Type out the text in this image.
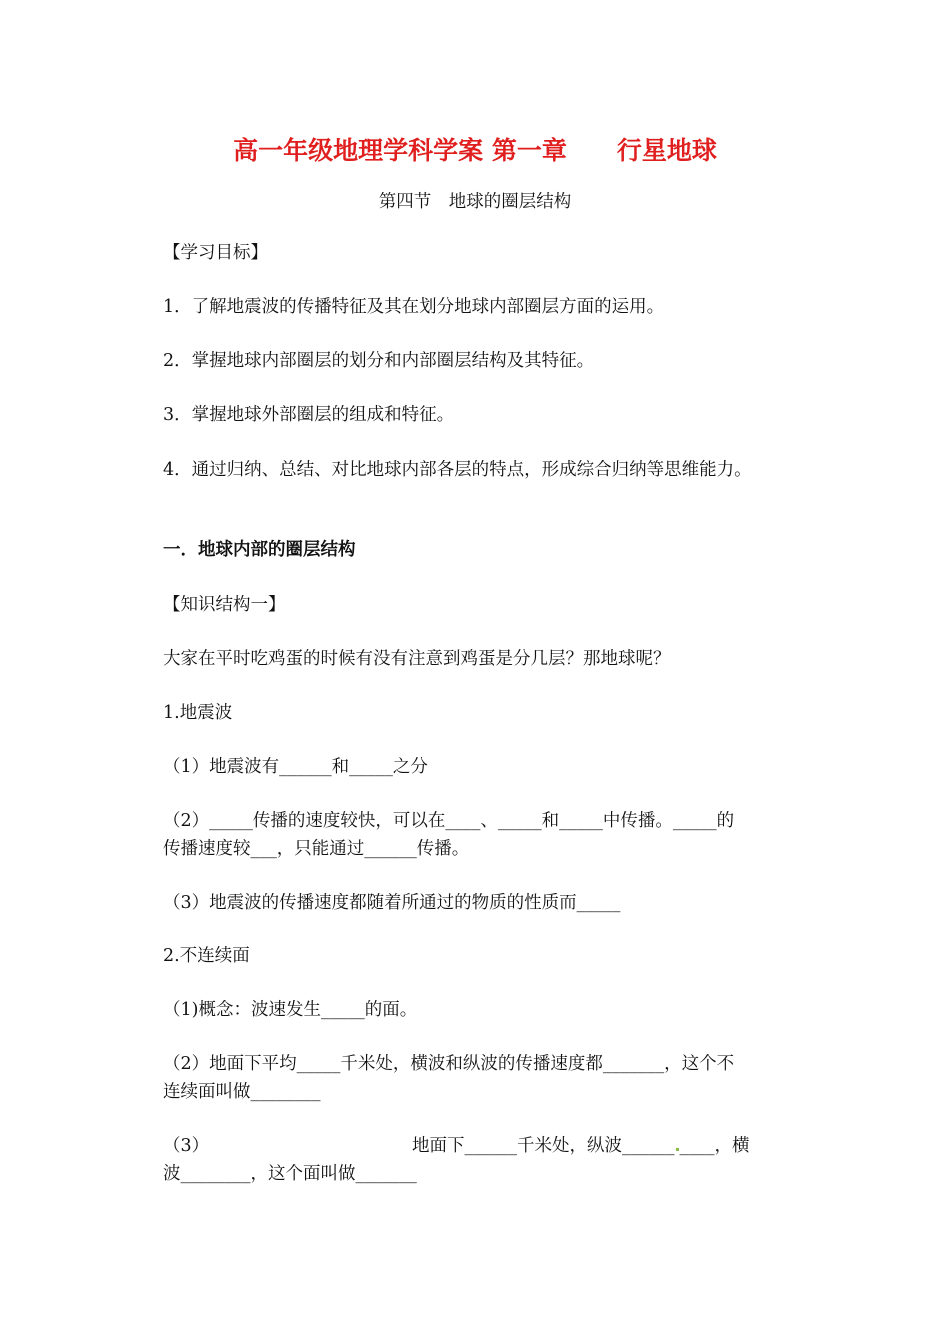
高一年级地理学科学案 第一章　　行星地球
第四节　地球的圈层结构
【学习目标】
1．了解地震波的传播特征及其在划分地球内部圈层方面的运用。
2．掌握地球内部圈层的划分和内部圈层结构及其特征。
3．掌握地球外部圈层的组成和特征。
4．通过归纳、总结、对比地球内部各层的特点，形成综合归纳等思维能力。
一．地球内部的圈层结构
【知识结构一】
大家在平时吃鸡蛋的时候有没有注意到鸡蛋是分几层？那地球呢？
1.地震波
（1）地震波有______和_____之分
（2）_____传播的速度较快，可以在____、_____和_____中传播。_____的
传播速度较___，只能通过______传播。
（3）地震波的传播速度都随着所通过的物质的性质而_____
2.不连续面
（1)概念：波速发生_____的面。
（2）地面下平均_____千米处，横波和纵波的传播速度都_______，这个不
连续面叫做________
（3）	地面下______千米处，纵波______ ____，横
波________，这个面叫做_______
